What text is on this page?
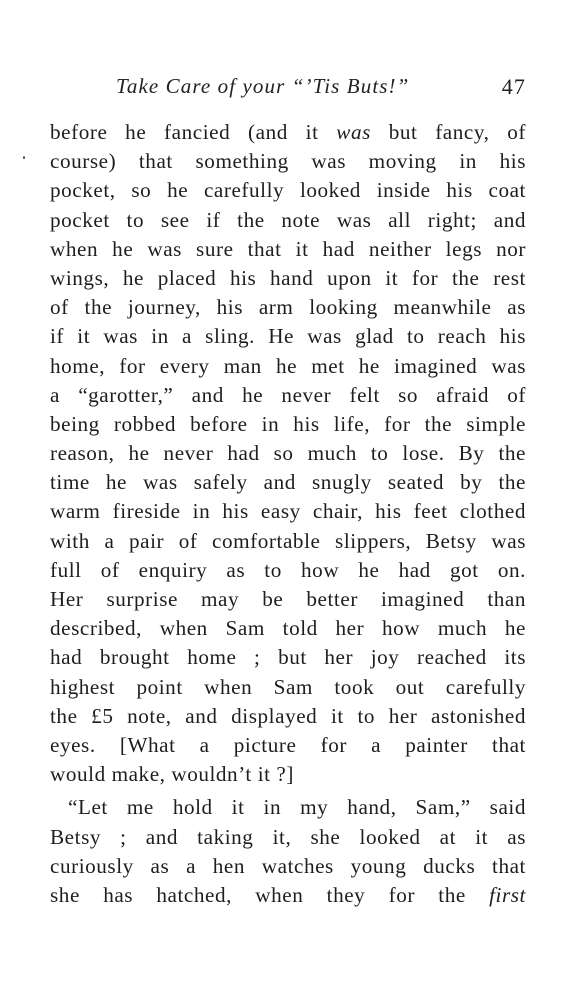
Take Care of your “’Tis Buts!”	47
before he fancied (and it was but fancy, of
course) that something was moving in his
pocket, so he carefully looked inside his coat
pocket to see if the note was all right; and
when he was sure that it had neither legs nor
wings, he placed his hand upon it for the rest
of the journey, his arm looking meanwhile as
if it was in a sling. He was glad to reach his
home, for every man he met he imagined was
a “garotter,” and he never felt so afraid of
being robbed before in his life, for the simple
reason, he never had so much to lose. By the
time he was safely and snugly seated by the
warm fireside in his easy chair, his feet clothed
with a pair of comfortable slippers, Betsy was
full of enquiry as to how he had got on.
Her surprise may be better imagined than
described, when Sam told her how much he
had brought home ; but her joy reached its
highest point when Sam took out carefully
the £5 note, and displayed it to her astonished
eyes. [What a picture for a painter that
would make, wouldn’t it ?]
“Let me hold it in my hand, Sam,” said
Betsy ; and taking it, she looked at it as
curiously as a hen watches young ducks that
she has hatched, when they for the first
